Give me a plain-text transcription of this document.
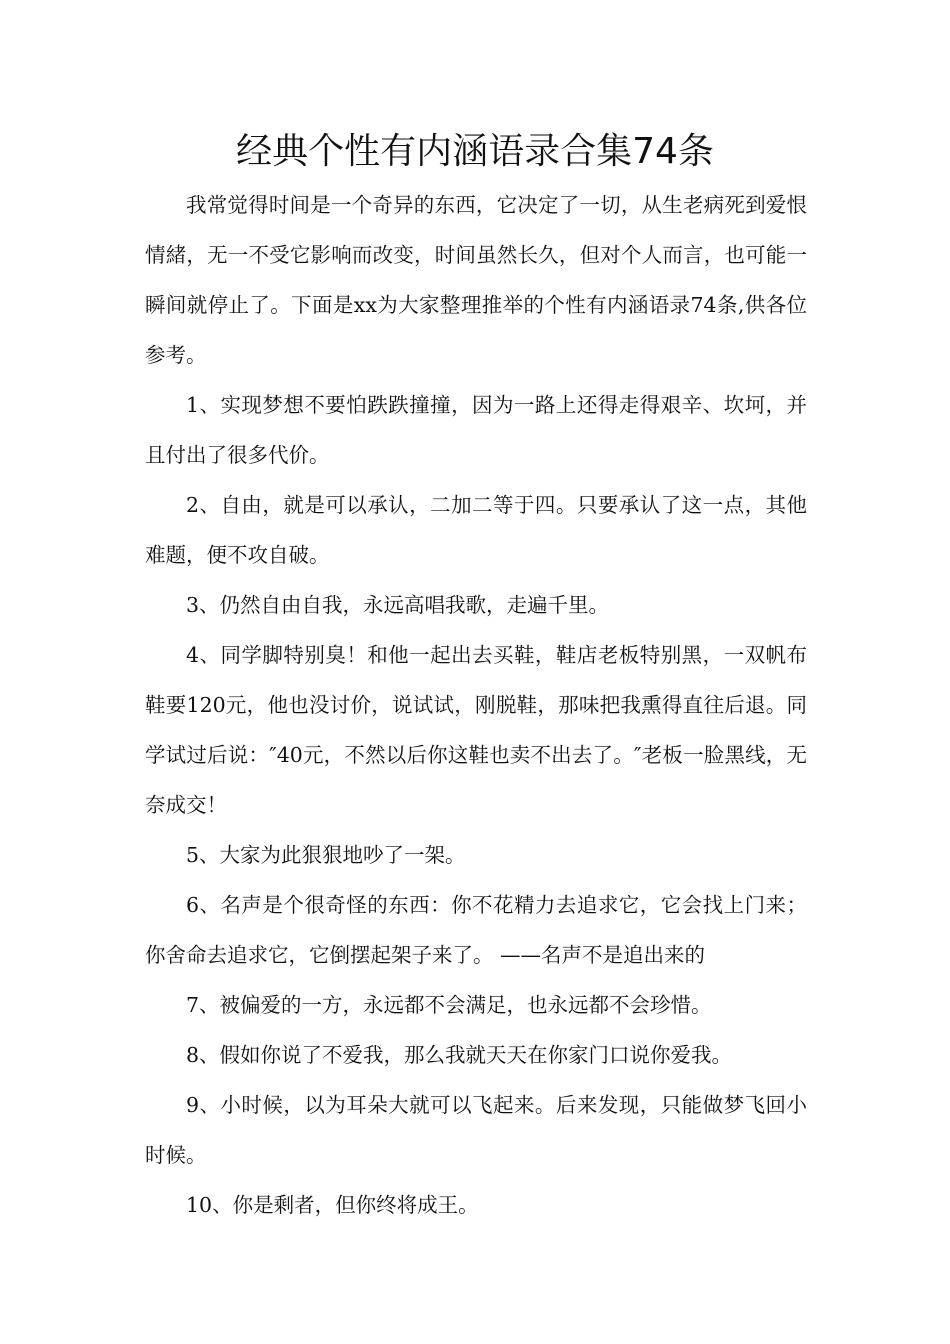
经典个性有内涵语录合集74条

我常觉得时间是一个奇异的东西，它决定了一切，从生老病死到爱恨情緒，无一不受它影响而改变，时间虽然长久，但对个人而言，也可能一瞬间就停止了。下面是xx为大家整理推举的个性有内涵语录74条,供各位参考。

1、实现梦想不要怕跌跌撞撞，因为一路上还得走得艰辛、坎坷，并且付出了很多代价。

2、自由，就是可以承认，二加二等于四。只要承认了这一点，其他难题，便不攻自破。

3、仍然自由自我，永远高唱我歌，走遍千里。

4、同学脚特别臭！和他一起出去买鞋，鞋店老板特别黑，一双帆布鞋要120元，他也没讨价，说试试，刚脱鞋，那味把我熏得直往后退。同学试过后说：″40元，不然以后你这鞋也卖不出去了。″老板一脸黑线，无奈成交！

5、大家为此狠狠地吵了一架。

6、名声是个很奇怪的东西：你不花精力去追求它，它会找上门来；你舍命去追求它，它倒摆起架子来了。 ——名声不是追出来的

7、被偏爱的一方，永远都不会满足，也永远都不会珍惜。

8、假如你说了不爱我，那么我就天天在你家门口说你爱我。

9、小时候，以为耳朵大就可以飞起来。后来发现，只能做梦飞回小时候。

10、你是剩者，但你终将成王。
